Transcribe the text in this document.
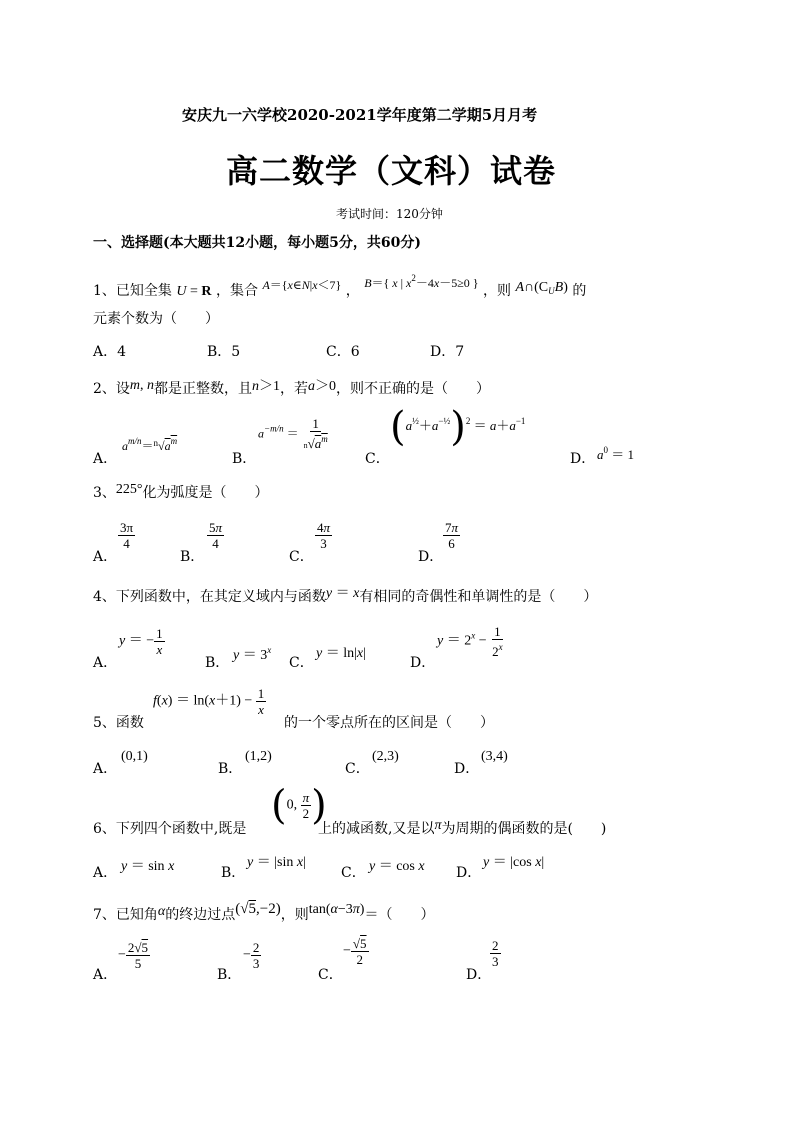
安庆九一六学校2020-2021学年度第二学期5月月考
高二数学（文科）试卷
考试时间：120分钟
一、选择题(本大题共12小题，每小题5分，共60分)
1、已知全集 U = R ，集合 A＝{x∈N|x＜7} ， B＝{ x | $x^2-4x-5\ge 0$ } ，则 $A\cap(C_UB)$ 的
元素个数为（　　）
A．4	B．5	C．6	D．7
2、设m, n都是正整数，且n＞1，若a＞0，则不正确的是（　　）
A．
$a^{m/n}=^n√a^m$
B．
$a^{-m/n} = \frac{1}{n√a^m}$
C．
$(a^{\frac{1}{2}}+a^{-\frac{1}{2}})^2 = a+a^{-1}$
D． $a^0 = 1$
3、225°化为弧度是（　　）
A．
$\frac{3\pi}{4}$
B．
$\frac{5\pi}{4}$
C．
$\frac{4\pi}{3}$
D．
$\frac{7\pi}{6}$
4、下列函数中，在其定义域内与函数y ＝ x有相同的奇偶性和单调性的是（　　）
A．
y ＝ − $\frac{1}{x}$
B． $y = 3^x$
C．
y ＝ ln|x|
D．
$y = 2^x - \frac{1}{2^x}$
5、函数
$f(x) = \ln(x+1) - \frac{1}{x}$
的一个零点所在的区间是（　　）
A．
(0,1)
B．
(1,2)
C．
(2,3)
D．
(3,4)
6、下列四个函数中,既是
(0, $\frac{\pi}{2}$ )
上的减函数,又是以π为周期的偶函数的是(　　)
A． y ＝ sin x	B．
y ＝ |sin x|
C． y ＝ cos x D．
y ＝ |cos x|
7、已知角α的终边过点(√5,−2)，则tan(α−3π)＝（　　）
A．
− $\frac{2√5}{5}$
B．
− $\frac{2}{3}$
C．
− $\frac{√5}{2}$
D．
$\frac{2}{3}$
